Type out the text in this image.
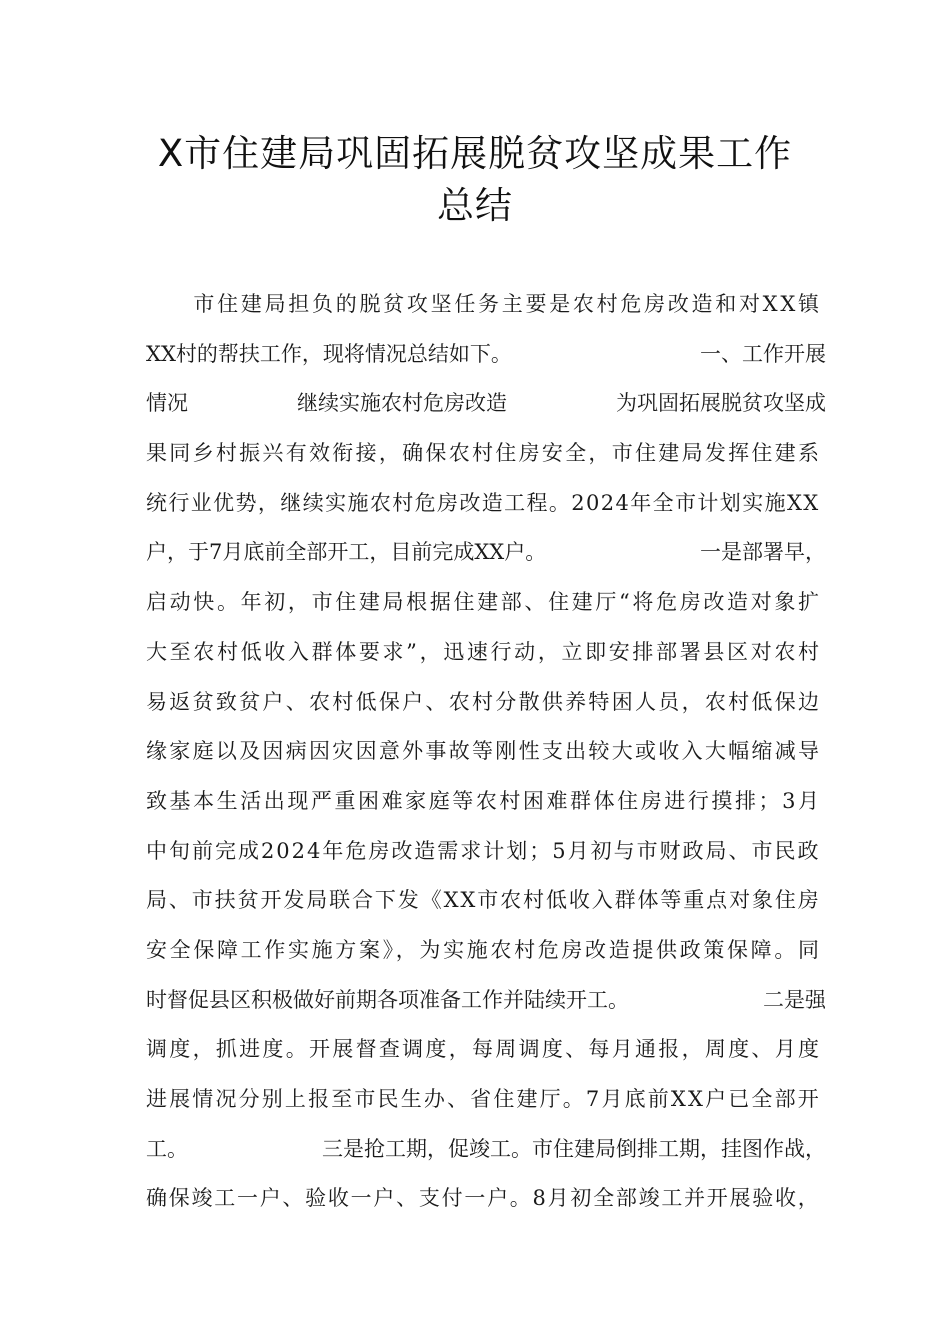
X市住建局巩固拓展脱贫攻坚成果工作
总结
　　市住建局担负的脱贫攻坚任务主要是农村危房改造和对XX镇
XX村的帮扶工作，现将情况总结如下。	一、工作开展
情况	继续实施农村危房改造	为巩固拓展脱贫攻坚成
果同乡村振兴有效衔接，确保农村住房安全，市住建局发挥住建系
统行业优势，继续实施农村危房改造工程。2024年全市计划实施XX
户，于7月底前全部开工，目前完成XX户。	一是部署早，
启动快。年初，市住建局根据住建部、住建厅“将危房改造对象扩
大至农村低收入群体要求”，迅速行动，立即安排部署县区对农村
易返贫致贫户、农村低保户、农村分散供养特困人员，农村低保边
缘家庭以及因病因灾因意外事故等刚性支出较大或收入大幅缩减导
致基本生活出现严重困难家庭等农村困难群体住房进行摸排；3月
中旬前完成2024年危房改造需求计划；5月初与市财政局、市民政
局、市扶贫开发局联合下发《XX市农村低收入群体等重点对象住房
安全保障工作实施方案》，为实施农村危房改造提供政策保障。同
时督促县区积极做好前期各项准备工作并陆续开工。	二是强
调度，抓进度。开展督查调度，每周调度、每月通报，周度、月度
进展情况分别上报至市民生办、省住建厅。7月底前XX户已全部开
工。	三是抢工期，促竣工。市住建局倒排工期，挂图作战，
确保竣工一户、验收一户、支付一户。8月初全部竣工并开展验收，
